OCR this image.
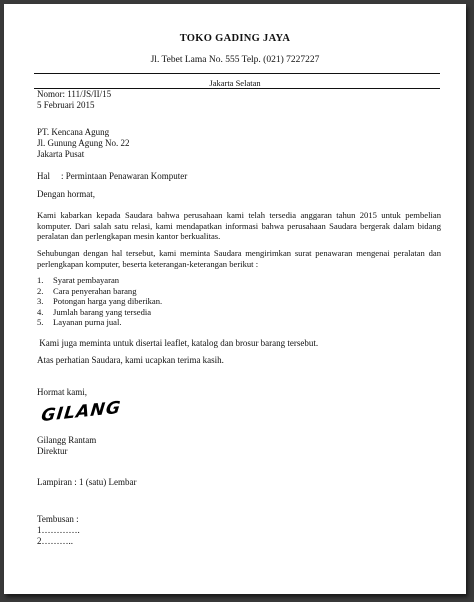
TOKO GADING JAYA
Jl. Tebet Lama No. 555 Telp. (021) 7227227
Jakarta Selatan
Nomor: 111/JS/II/15
5 Februari 2015
PT. Kencana Agung
Jl. Gunung Agung No. 22
Jakarta Pusat
Hal : Permintaan Penawaran Komputer
Dengan hormat,
Kami kabarkan kepada Saudara bahwa perusahaan kami telah tersedia anggaran tahun 2015 untuk pembelian komputer. Dari salah satu relasi, kami mendapatkan informasi bahwa perusahaan Saudara bergerak dalam bidang peralatan dan perlengkapan mesin kantor berkualitas.
Sehubungan dengan hal tersebut, kami meminta Saudara mengirimkan surat penawaran mengenai peralatan dan perlengkapan komputer, beserta keterangan-keterangan berikut :
1. Syarat pembayaran
2. Cara penyerahan barang
3. Potongan harga yang diberikan.
4. Jumlah barang yang tersedia
5. Layanan purna jual.
Kami juga meminta untuk disertai leaflet, katalog dan brosur barang tersebut.
Atas perhatian Saudara, kami ucapkan terima kasih.
Hormat kami,
GILANG
Gilangg Rantam
Direktur
Lampiran : 1 (satu) Lembar
Tembusan :
1………….
2………..
